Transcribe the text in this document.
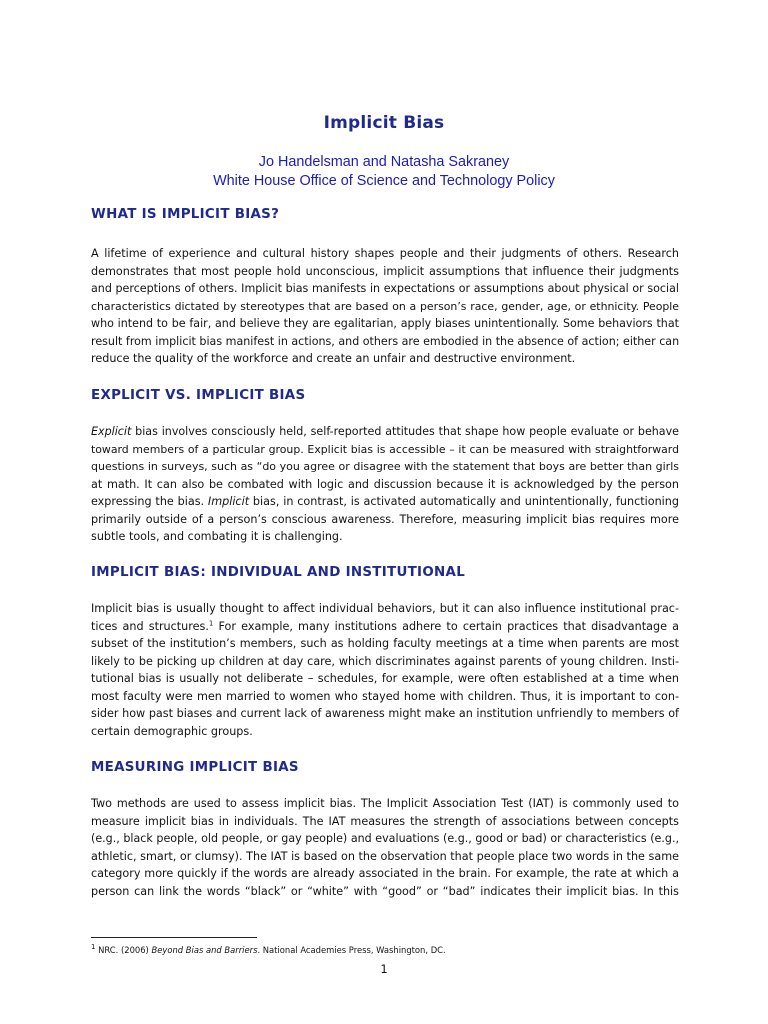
Implicit Bias
Jo Handelsman and Natasha Sakraney
White House Office of Science and Technology Policy
WHAT IS IMPLICIT BIAS?
A lifetime of experience and cultural history shapes people and their judgments of others. Research
demonstrates that most people hold unconscious, implicit assumptions that influence their judgments
and perceptions of others. Implicit bias manifests in expectations or assumptions about physical or social
characteristics dictated by stereotypes that are based on a person’s race, gender, age, or ethnicity. People
who intend to be fair, and believe they are egalitarian, apply biases unintentionally. Some behaviors that
result from implicit bias manifest in actions, and others are embodied in the absence of action; either can
reduce the quality of the workforce and create an unfair and destructive environment.
EXPLICIT VS. IMPLICIT BIAS
Explicit bias involves consciously held, self-reported attitudes that shape how people evaluate or behave
toward members of a particular group. Explicit bias is accessible – it can be measured with straightforward
questions in surveys, such as “do you agree or disagree with the statement that boys are better than girls
at math. It can also be combated with logic and discussion because it is acknowledged by the person
expressing the bias. Implicit bias, in contrast, is activated automatically and unintentionally, functioning
primarily outside of a person’s conscious awareness. Therefore, measuring implicit bias requires more
subtle tools, and combating it is challenging.
IMPLICIT BIAS: INDIVIDUAL AND INSTITUTIONAL
Implicit bias is usually thought to affect individual behaviors, but it can also influence institutional prac-
tices and structures.$^1$ For example, many institutions adhere to certain practices that disadvantage a
subset of the institution’s members, such as holding faculty meetings at a time when parents are most
likely to be picking up children at day care, which discriminates against parents of young children. Insti-
tutional bias is usually not deliberate – schedules, for example, were often established at a time when
most faculty were men married to women who stayed home with children. Thus, it is important to con-
sider how past biases and current lack of awareness might make an institution unfriendly to members of
certain demographic groups.
MEASURING IMPLICIT BIAS
Two methods are used to assess implicit bias. The Implicit Association Test (IAT) is commonly used to
measure implicit bias in individuals. The IAT measures the strength of associations between concepts
(e.g., black people, old people, or gay people) and evaluations (e.g., good or bad) or characteristics (e.g.,
athletic, smart, or clumsy). The IAT is based on the observation that people place two words in the same
category more quickly if the words are already associated in the brain. For example, the rate at which a
person can link the words “black” or “white” with “good” or “bad” indicates their implicit bias. In this
$^1$ NRC. (2006) Beyond Bias and Barriers. National Academies Press, Washington, DC.
1
